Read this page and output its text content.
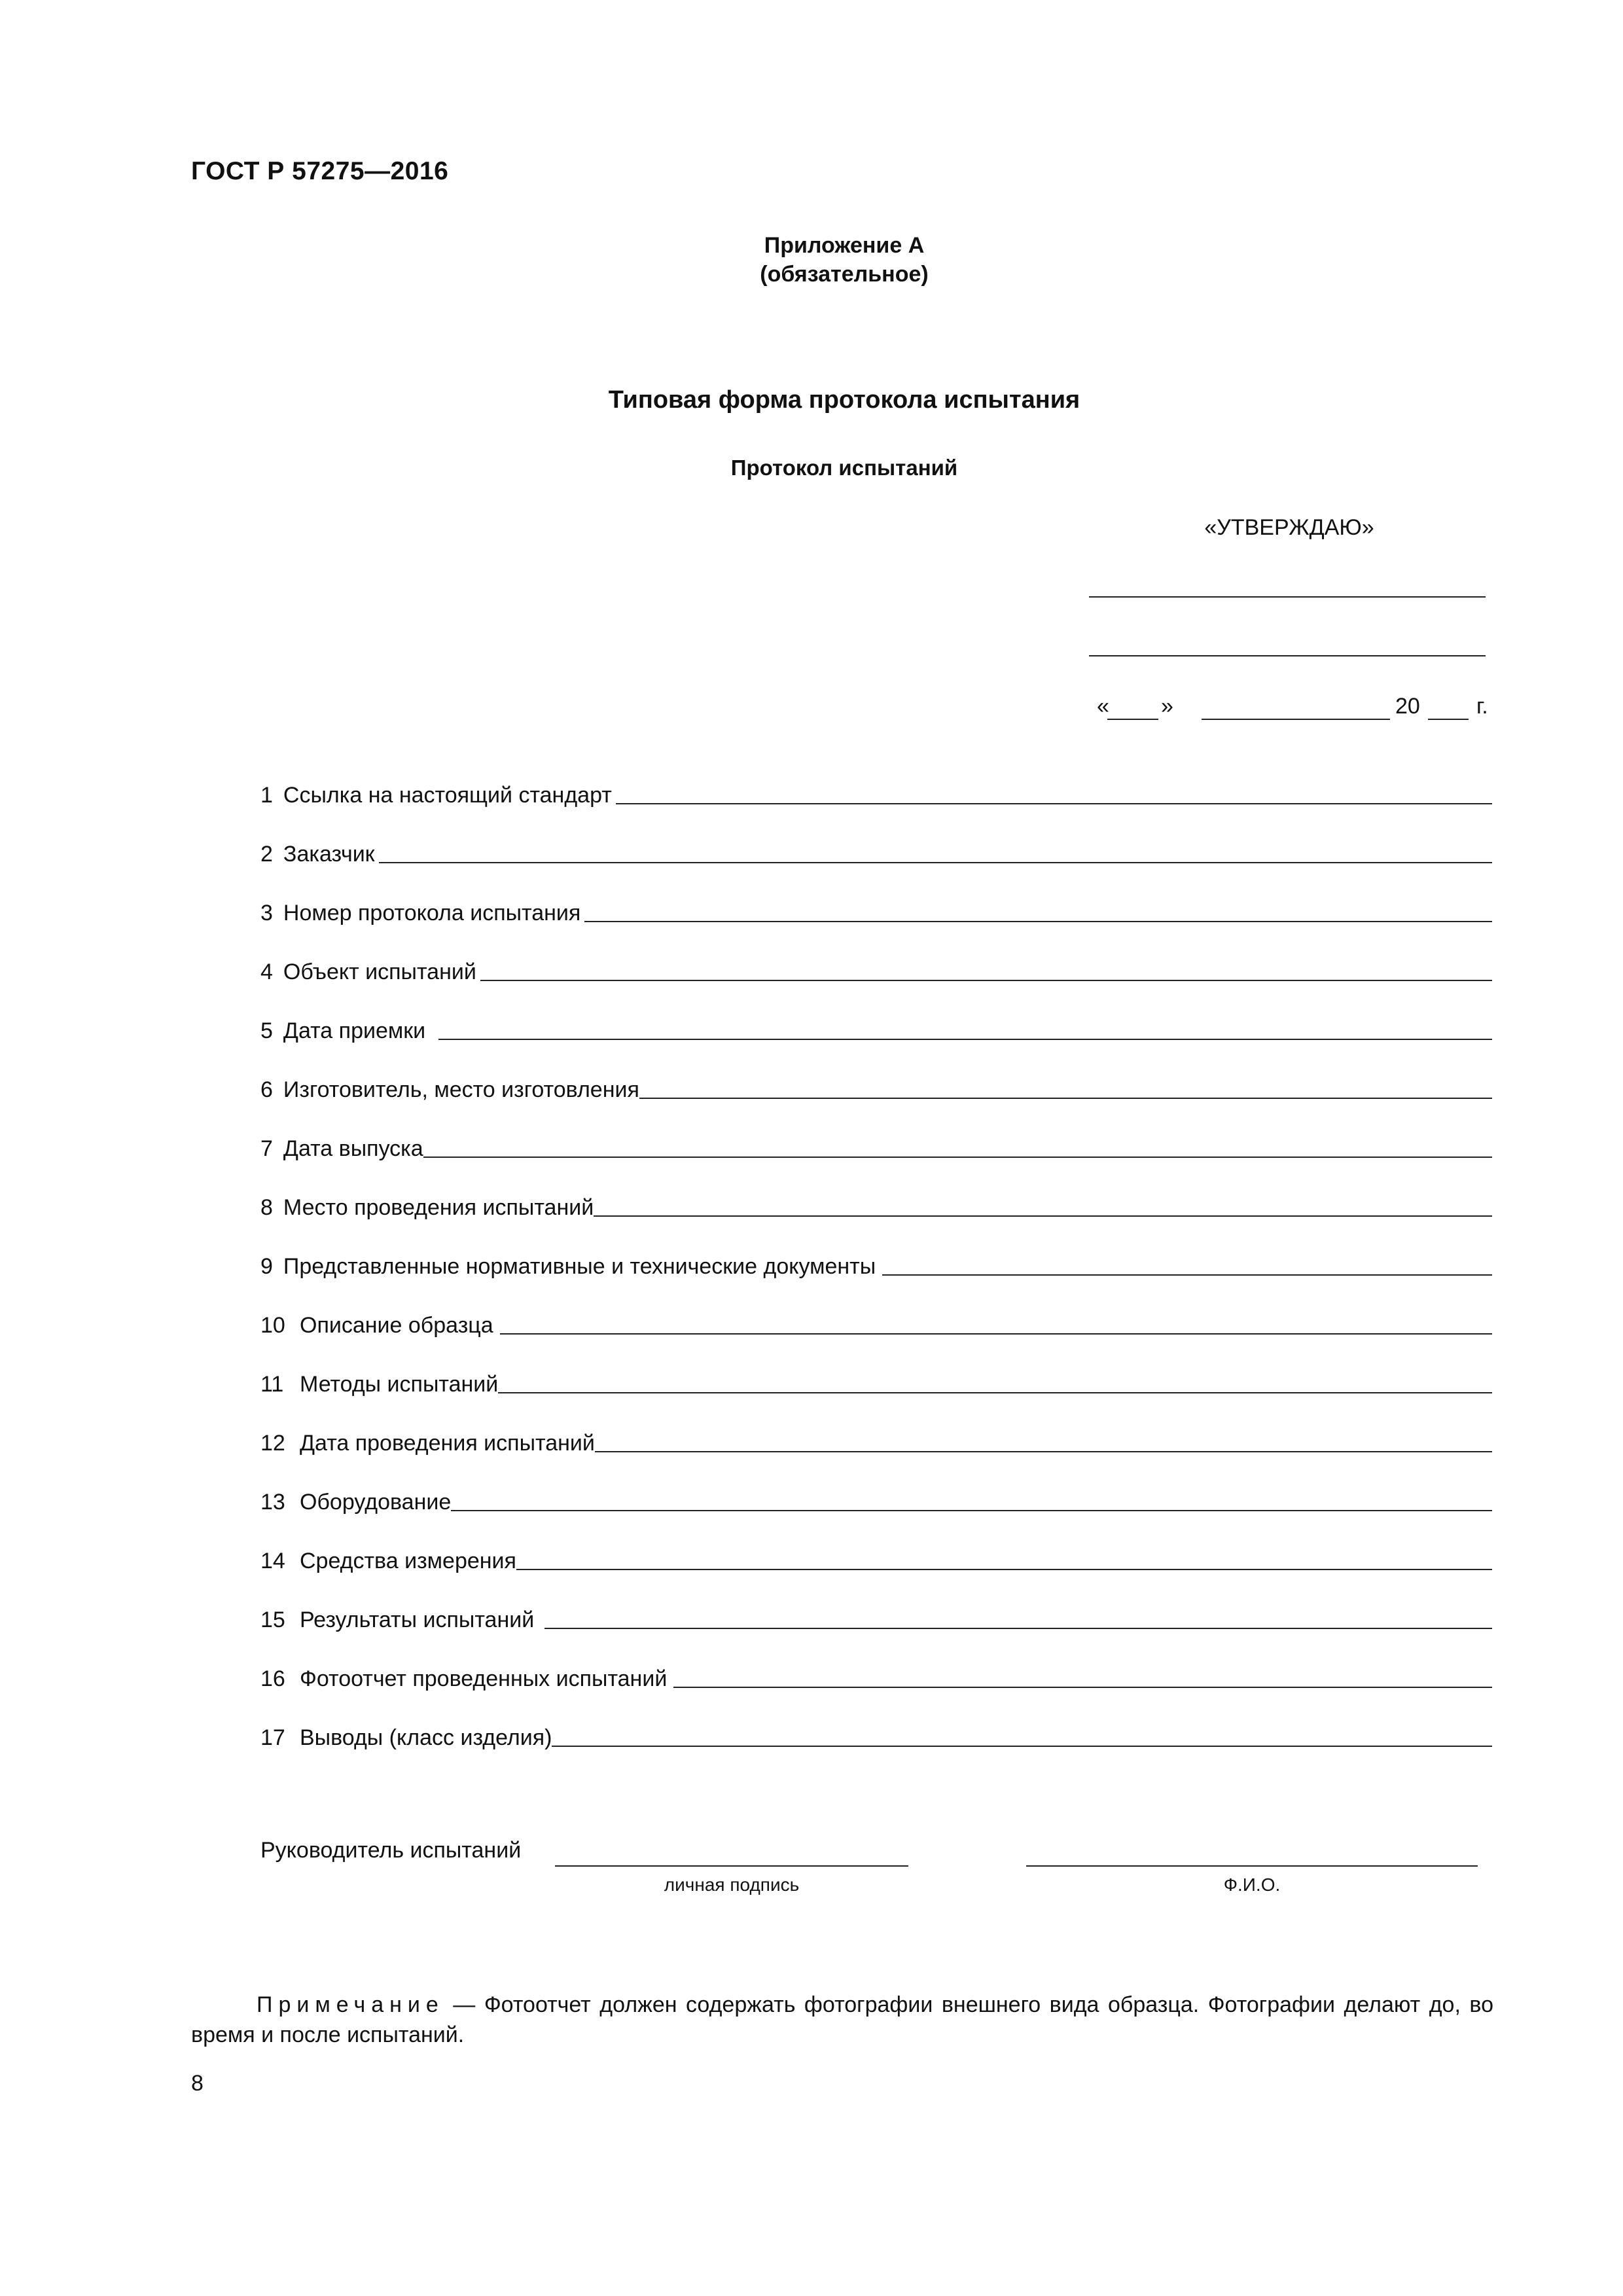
ГОСТ Р 57275—2016
Приложение А
(обязательное)
Типовая форма протокола испытания
Протокол испытаний
«УТВЕРЖДАЮ»
« »	20	г.
1 Ссылка на настоящий стандарт
2 Заказчик
3 Номер протокола испытания
4 Объект испытаний
5 Дата приемки
6 Изготовитель, место изготовления
7 Дата выпуска
8 Место проведения испытаний
9 Представленные нормативные и технические документы
10 Описание образца
11 Методы испытаний
12 Дата проведения испытаний
13 Оборудование
14 Средства измерения
15 Результаты испытаний
16 Фотоотчет проведенных испытаний
17 Выводы (класс изделия)
Руководитель испытаний
личная подпись	Ф.И.О.
Примечание — Фотоотчет должен содержать фотографии внешнего вида образца. Фотографии делают до, во время и после испытаний.
8
